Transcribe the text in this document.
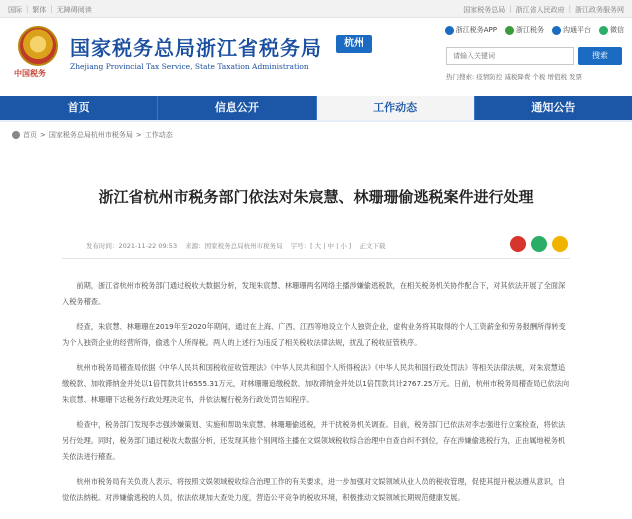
国际 | 繁体 | 无障碍阅读	国家税务总局 | 浙江省人民政府 | 浙江政务服务网
中国税务
国家税务总局浙江省税务局
Zhejiang Provincial Tax Service, State Taxation Administration
杭州
浙江税务APP	浙江税务	沟通平台	微信
请输入关键词
搜索
热门搜索: 疫情防控 减税降费 个税 增值税 发票
首页	信息公开	工作动态	通知公告
首页 > 国家税务总局杭州市税务局 > 工作动态
浙江省杭州市税务部门依法对朱宸慧、林珊珊偷逃税案件进行处理
发布时间：2021-11-22 09:53 来源：国家税务总局杭州市税务局 字号：[ 大 | 中 | 小 ] 正文下载

前期，浙江省杭州市税务部门通过税收大数据分析，发现朱宸慧、林珊珊两名网络主播涉嫌偷逃税款，在相关税务机关协作配合下，对其依法开展了全面深入税务稽查。

经查，朱宸慧、林珊珊在2019年至2020年期间，通过在上海、广西、江西等地设立个人独资企业，虚构业务将其取得的个人工资薪金和劳务报酬所得转变为个人独资企业的经营所得，偷逃个人所得税。两人的上述行为违反了相关税收法律法规，扰乱了税收征管秩序。

杭州市税务局稽查局依据《中华人民共和国税收征收管理法》《中华人民共和国个人所得税法》《中华人民共和国行政处罚法》等相关法律法规，对朱宸慧追缴税款、加收滞纳金并处以1倍罚款共计6555.31万元，对林珊珊追缴税款、加收滞纳金并处以1倍罚款共计2767.25万元。日前，杭州市税务局稽查局已依法向朱宸慧、林珊珊下达税务行政处理决定书，并依法履行税务行政处罚告知程序。

检查中，税务部门发现李志强涉嫌策划、实施和帮助朱宸慧、林珊珊偷逃税，并干扰税务机关调查。目前，税务部门已依法对李志强进行立案检查，将依法另行处理。同时，税务部门通过税收大数据分析，还发现其他个别网络主播在文娱领域税收综合治理中自查自纠不到位，存在涉嫌偷逃税行为，正由属地税务机关依法进行稽查。

杭州市税务局有关负责人表示，将按照文娱领域税收综合治理工作的有关要求，进一步加强对文娱领域从业人员的税收管理，促使其提升税法遵从意识，自觉依法纳税。对涉嫌偷逃税的人员，依法依规加大查处力度，营造公平竞争的税收环境，积极推动文娱领域长期规范健康发展。
